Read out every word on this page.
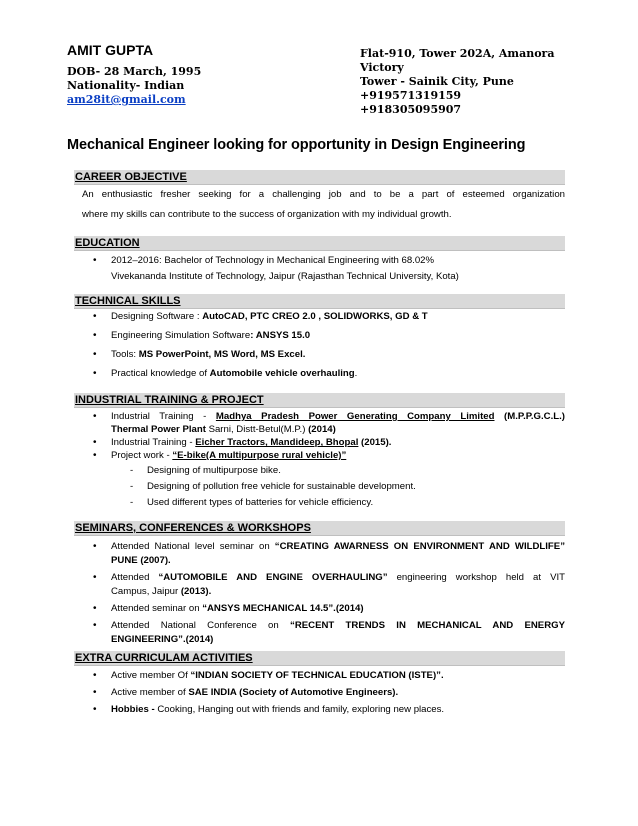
AMIT GUPTA
DOB- 28 March, 1995
Nationality- Indian
am28it@gmail.com
Flat-910, Tower 202A, Amanora Victory
Tower - Sainik City, Pune
+919571319159
+918305095907
Mechanical Engineer looking for opportunity in Design Engineering
CAREER OBJECTIVE
An enthusiastic fresher seeking for a challenging job and to be a part of esteemed organization
where my skills can contribute to the success of organization with my individual growth.
EDUCATION
• 2012–2016: Bachelor of Technology in Mechanical Engineering with 68.02%
Vivekananda Institute of Technology, Jaipur (Rajasthan Technical University, Kota)
TECHNICAL SKILLS
• Designing Software : AutoCAD, PTC CREO 2.0 , SOLIDWORKS, GD & T
• Engineering Simulation Software: ANSYS 15.0
• Tools: MS PowerPoint, MS Word, MS Excel.
• Practical knowledge of Automobile vehicle overhauling.
INDUSTRIAL TRAINING & PROJECT
• Industrial Training - Madhya Pradesh Power Generating Company Limited (M.P.P.G.C.L.)
Thermal Power Plant Sarni, Distt-Betul(M.P.) (2014)
• Industrial Training - Eicher Tractors, Mandideep, Bhopal (2015).
• Project work - “E-bike(A multipurpose rural vehicle)”
- Designing of multipurpose bike.
- Designing of pollution free vehicle for sustainable development.
- Used different types of batteries for vehicle efficiency.
SEMINARS, CONFERENCES & WORKSHOPS
• Attended National level seminar on “CREATING AWARNESS ON ENVIRONMENT AND WILDLIFE”
PUNE (2007).
• Attended “AUTOMOBILE AND ENGINE OVERHAULING” engineering workshop held at VIT
Campus, Jaipur (2013).
• Attended seminar on “ANSYS MECHANICAL 14.5”.(2014)
• Attended National Conference on “RECENT TRENDS IN MECHANICAL AND ENERGY
ENGINEERING”.(2014)
EXTRA CURRICULAM ACTIVITIES
• Active member Of “INDIAN SOCIETY OF TECHNICAL EDUCATION (ISTE)”.
• Active member of SAE INDIA (Society of Automotive Engineers).
• Hobbies - Cooking, Hanging out with friends and family, exploring new places.
